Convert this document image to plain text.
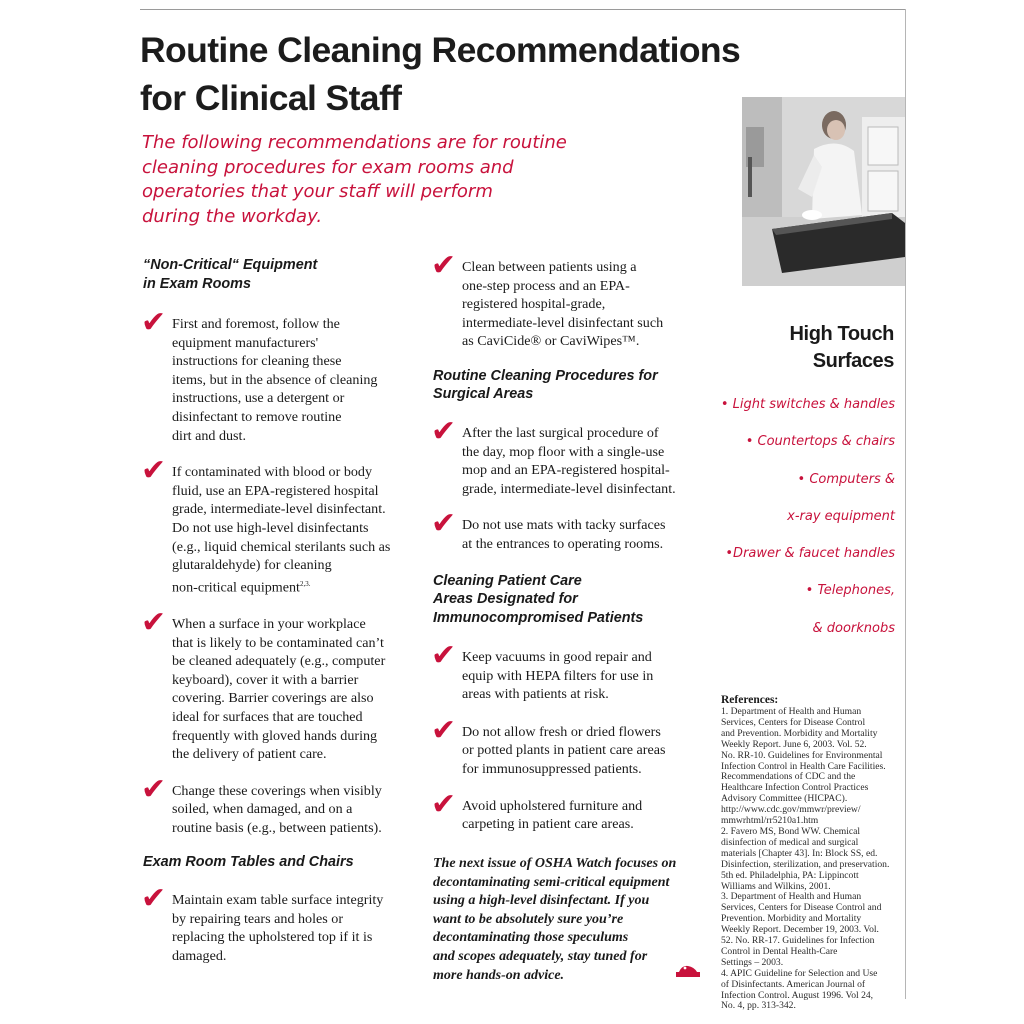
Routine Cleaning Recommendations
for Clinical Staff
The following recommendations are for routine
cleaning procedures for exam rooms and
operatories that your staff will perform
during the workday.
“Non-Critical“ Equipment
in Exam Rooms
✔ First and foremost, follow the
equipment manufacturers'
instructions for cleaning these
items, but in the absence of cleaning
instructions, use a detergent or
disinfectant to remove routine
dirt and dust.
✔ If contaminated with blood or body
fluid, use an EPA-registered hospital
grade, intermediate-level disinfectant.
Do not use high-level disinfectants
(e.g., liquid chemical sterilants such as
glutaraldehyde) for cleaning
non-critical equipment$^{2,3.}$
✔ When a surface in your workplace
that is likely to be contaminated can’t
be cleaned adequately (e.g., computer
keyboard), cover it with a barrier
covering. Barrier coverings are also
ideal for surfaces that are touched
frequently with gloved hands during
the delivery of patient care.
✔ Change these coverings when visibly
soiled, when damaged, and on a
routine basis (e.g., between patients).
Exam Room Tables and Chairs
✔ Maintain exam table surface integrity
by repairing tears and holes or
replacing the upholstered top if it is
damaged.
✔ Clean between patients using a
one-step process and an EPA-
registered hospital-grade,
intermediate-level disinfectant such
as CaviCide® or CaviWipes™.
Routine Cleaning Procedures for
Surgical Areas
✔ After the last surgical procedure of
the day, mop floor with a single-use
mop and an EPA-registered hospital-
grade, intermediate-level disinfectant.
✔ Do not use mats with tacky surfaces
at the entrances to operating rooms.
Cleaning Patient Care
Areas Designated for
Immunocompromised Patients
✔ Keep vacuums in good repair and
equip with HEPA filters for use in
areas with patients at risk.
✔ Do not allow fresh or dried flowers
or potted plants in patient care areas
for immunosuppressed patients.
✔ Avoid upholstered furniture and
carpeting in patient care areas.
The next issue of OSHA Watch focuses on
decontaminating semi-critical equipment
using a high-level disinfectant. If you
want to be absolutely sure you’re
decontaminating those speculums
and scopes adequately, stay tuned for
more hands-on advice.
High Touch
Surfaces
• Light switches & handles
• Countertops & chairs
• Computers &
x-ray equipment
•Drawer & faucet handles
• Telephones,
& doorknobs
References:
1. Department of Health and Human
Services, Centers for Disease Control
and Prevention. Morbidity and Mortality
Weekly Report. June 6, 2003. Vol. 52.
No. RR-10. Guidelines for Environmental
Infection Control in Health Care Facilities.
Recommendations of CDC and the
Healthcare Infection Control Practices
Advisory Committee (HICPAC).
http://www.cdc.gov/mmwr/preview/
mmwrhtml/rr5210a1.htm
2. Favero MS, Bond WW. Chemical
disinfection of medical and surgical
materials [Chapter 43]. In: Block SS, ed.
Disinfection, sterilization, and preservation.
5th ed. Philadelphia, PA: Lippincott
Williams and Wilkins, 2001.
3. Department of Health and Human
Services, Centers for Disease Control and
Prevention. Morbidity and Mortality
Weekly Report. December 19, 2003. Vol.
52. No. RR-17. Guidelines for Infection
Control in Dental Health-Care
Settings – 2003.
4. APIC Guideline for Selection and Use
of Disinfectants. American Journal of
Infection Control. August 1996. Vol 24,
No. 4, pp. 313-342.
